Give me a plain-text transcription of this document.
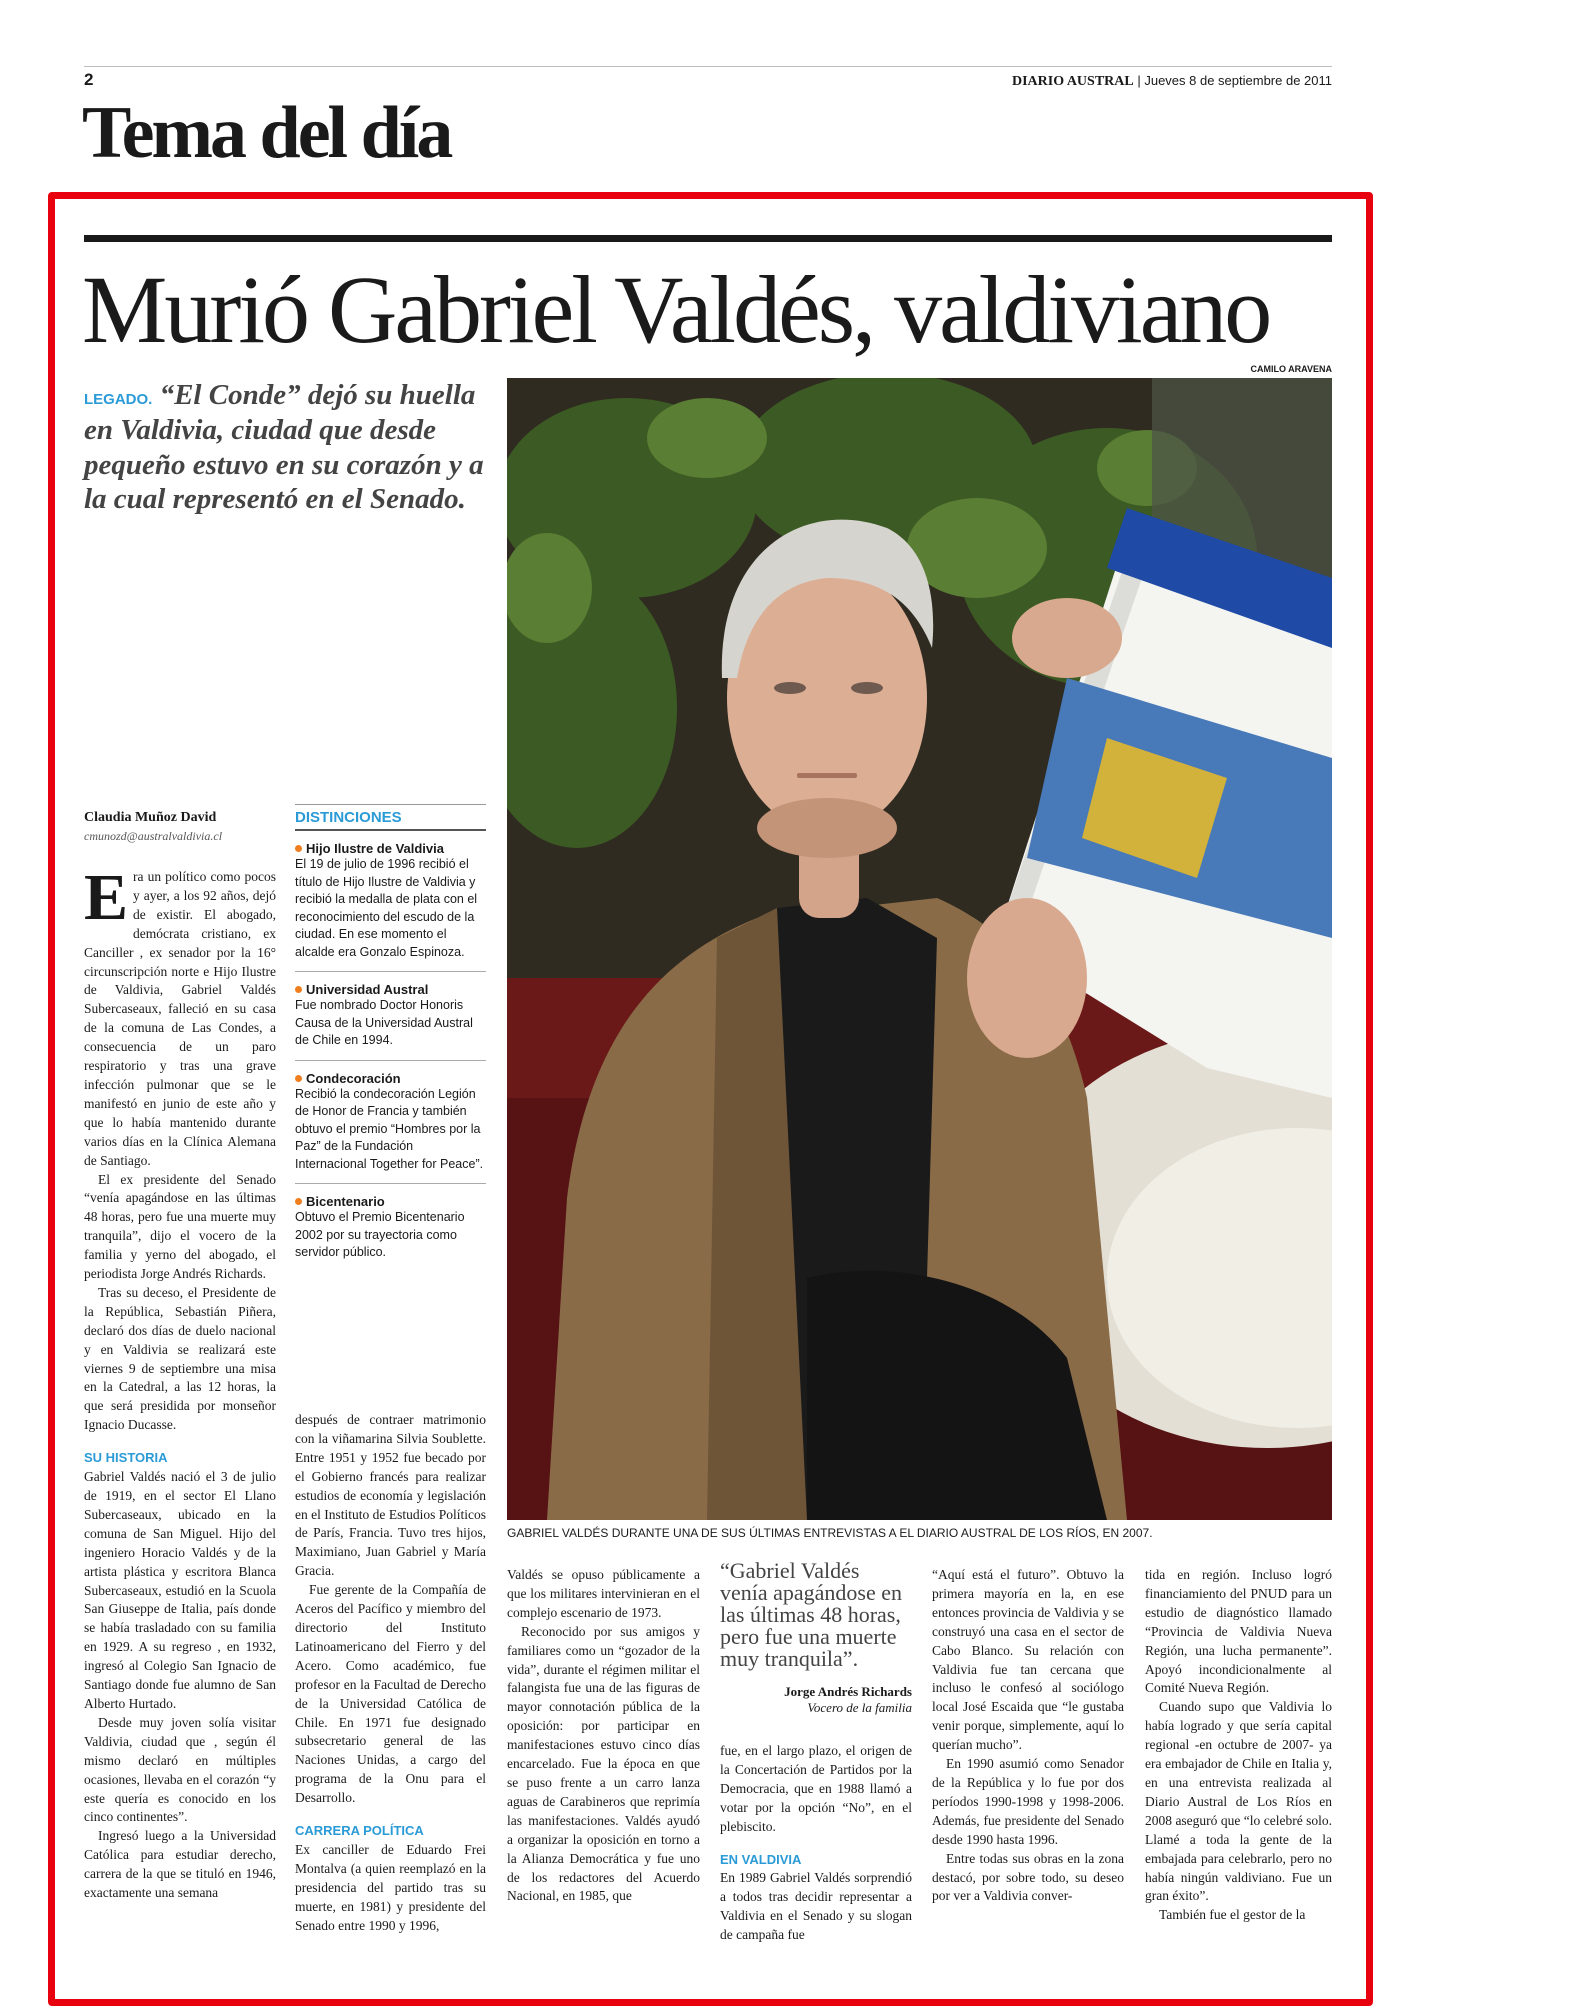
2	DIARIO AUSTRAL | Jueves 8 de septiembre de 2011
Tema del día
Murió Gabriel Valdés, valdiviano
CAMILO ARAVENA
LEGADO. “El Conde” dejó su huella en Valdivia, ciudad que desde pequeño estuvo en su corazón y a la cual representó en el Senado.
GABRIEL VALDÉS DURANTE UNA DE SUS ÚLTIMAS ENTREVISTAS A EL DIARIO AUSTRAL DE LOS RÍOS, EN 2007.
Claudia Muñoz David
cmunozd@australvaldivia.cl
E ra un político como pocos y ayer, a los 92 años, dejó de existir. El abogado, demócrata cristiano, ex Canciller , ex senador por la 16° circunscripción norte e Hijo Ilustre de Valdivia, Gabriel Valdés Subercaseaux, falleció en su casa de la comuna de Las Condes, a consecuencia de un paro respiratorio y tras una grave infección pulmonar que se le manifestó en junio de este año y que lo había mantenido durante varios días en la Clínica Alemana de Santiago.

El ex presidente del Senado “venía apagándose en las últimas 48 horas, pero fue una muerte muy tranquila”, dijo el vocero de la familia y yerno del abogado, el periodista Jorge Andrés Richards.

Tras su deceso, el Presidente de la República, Sebastián Piñera, declaró dos días de duelo nacional y en Valdivia se realizará este viernes 9 de septiembre una misa en la Catedral, a las 12 horas, la que será presidida por monseñor Ignacio Ducasse.

SU HISTORIA

Gabriel Valdés nació el 3 de julio de 1919, en el sector El Llano Subercaseaux, ubicado en la comuna de San Miguel. Hijo del ingeniero Horacio Valdés y de la artista plástica y escritora Blanca Subercaseaux, estudió en la Scuola San Giuseppe de Italia, país donde se había trasladado con su familia en 1929. A su regreso , en 1932, ingresó al Colegio San Ignacio de Santiago donde fue alumno de San Alberto Hurtado.

Desde muy joven solía visitar Valdivia, ciudad que , según él mismo declaró en múltiples ocasiones, llevaba en el corazón “y este quería es conocido en los cinco continentes”.

Ingresó luego a la Universidad Católica para estudiar derecho, carrera de la que se tituló en 1946, exactamente una semana

DISTINCIONES
Hijo Ilustre de Valdivia
El 19 de julio de 1996 recibió el título de Hijo Ilustre de Valdivia y recibió la medalla de plata con el reconocimiento del escudo de la ciudad. En ese momento el alcalde era Gonzalo Espinoza.
Universidad Austral
Fue nombrado Doctor Honoris Causa de la Universidad Austral de Chile en 1994.
Condecoración
Recibió la condecoración Legión de Honor de Francia y también obtuvo el premio “Hombres por la Paz” de la Fundación Internacional Together for Peace”.
Bicentenario
Obtuvo el Premio Bicentenario 2002 por su trayectoria como servidor público.

después de contraer matrimonio con la viñamarina Silvia Soublette. Entre 1951 y 1952 fue becado por el Gobierno francés para realizar estudios de economía y legislación en el Instituto de Estudios Políticos de París, Francia. Tuvo tres hijos, Maximiano, Juan Gabriel y María Gracia.

Fue gerente de la Compañía de Aceros del Pacífico y miembro del directorio del Instituto Latinoamericano del Fierro y del Acero. Como académico, fue profesor en la Facultad de Derecho de la Universidad Católica de Chile. En 1971 fue designado subsecretario general de las Naciones Unidas, a cargo del programa de la Onu para el Desarrollo.

CARRERA POLÍTICA

Ex canciller de Eduardo Frei Montalva (a quien reemplazó en la presidencia del partido tras su muerte, en 1981) y presidente del Senado entre 1990 y 1996,

Valdés se opuso públicamente a que los militares intervinieran en el complejo escenario de 1973.

Reconocido por sus amigos y familiares como un “gozador de la vida”, durante el régimen militar el falangista fue una de las figuras de mayor connotación pública de la oposición: por participar en manifestaciones estuvo cinco días encarcelado. Fue la época en que se puso frente a un carro lanza aguas de Carabineros que reprimía las manifestaciones. Valdés ayudó a organizar la oposición en torno a la Alianza Democrática y fue uno de los redactores del Acuerdo Nacional, en 1985, que

“Gabriel Valdés venía apagándose en las últimas 48 horas, pero fue una muerte muy tranquila”.
Jorge Andrés Richards
Vocero de la familia

fue, en el largo plazo, el origen de la Concertación de Partidos por la Democracia, que en 1988 llamó a votar por la opción “No”, en el plebiscito.

EN VALDIVIA

En 1989 Gabriel Valdés sorprendió a todos tras decidir representar a Valdivia en el Senado y su slogan de campaña fue

“Aquí está el futuro”. Obtuvo la primera mayoría en la, en ese entonces provincia de Valdivia y se construyó una casa en el sector de Cabo Blanco. Su relación con Valdivia fue tan cercana que incluso le confesó al sociólogo local José Escaida que “le gustaba venir porque, simplemente, aquí lo querían mucho”.

En 1990 asumió como Senador de la República y lo fue por dos períodos 1990-1998 y 1998-2006. Además, fue presidente del Senado desde 1990 hasta 1996.

Entre todas sus obras en la zona destacó, por sobre todo, su deseo por ver a Valdivia conver-

tida en región. Incluso logró financiamiento del PNUD para un estudio de diagnóstico llamado “Provincia de Valdivia Nueva Región, una lucha permanente”. Apoyó incondicionalmente al Comité Nueva Región.

Cuando supo que Valdivia lo había logrado y que sería capital regional -en octubre de 2007- ya era embajador de Chile en Italia y, en una entrevista realizada al Diario Austral de Los Ríos en 2008 aseguró que “lo celebré solo. Llamé a toda la gente de la embajada para celebrarlo, pero no había ningún valdiviano. Fue un gran éxito”.

También fue el gestor de la
